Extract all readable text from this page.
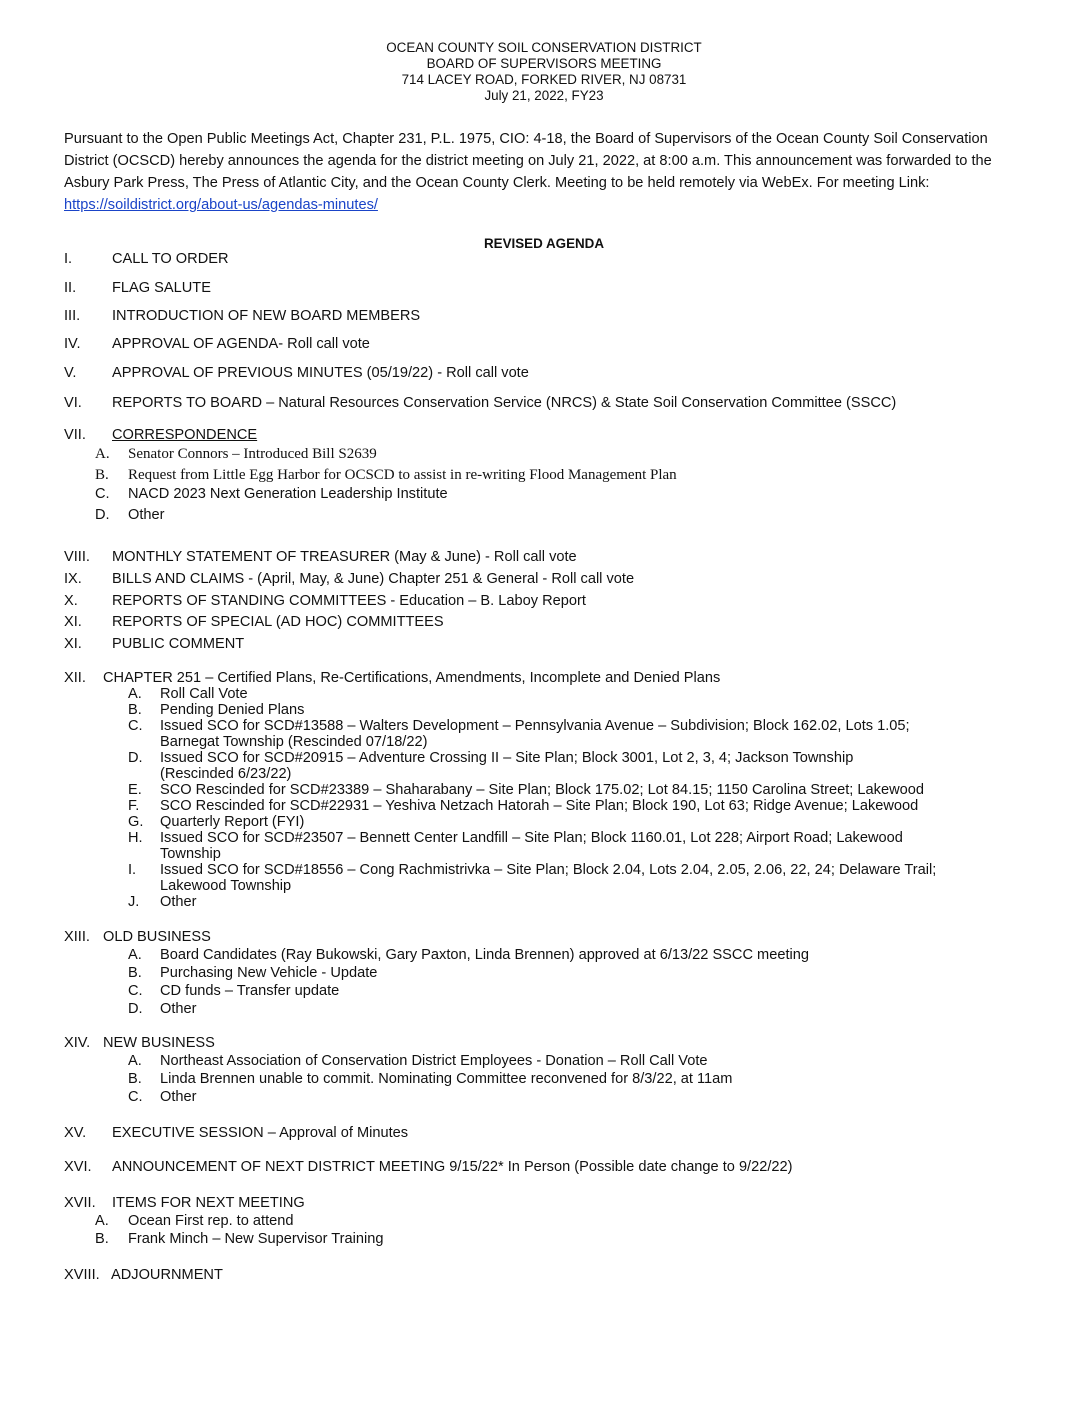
OCEAN COUNTY SOIL CONSERVATION DISTRICT
BOARD OF SUPERVISORS MEETING
714 LACEY ROAD, FORKED RIVER, NJ 08731
July 21, 2022, FY23
Pursuant to the Open Public Meetings Act, Chapter 231, P.L. 1975, CIO: 4-18, the Board of Supervisors of the Ocean County Soil Conservation District (OCSCD) hereby announces the agenda for the district meeting on July 21, 2022, at 8:00 a.m. This announcement was forwarded to the Asbury Park Press, The Press of Atlantic City, and the Ocean County Clerk. Meeting to be held remotely via WebEx. For meeting Link: https://soildistrict.org/about-us/agendas-minutes/
REVISED AGENDA
I.	CALL TO ORDER
II. FLAG SALUTE
III. INTRODUCTION OF NEW BOARD MEMBERS
IV. APPROVAL OF AGENDA- Roll call vote
V. APPROVAL OF PREVIOUS MINUTES (05/19/22) - Roll call vote
VI. REPORTS TO BOARD – Natural Resources Conservation Service (NRCS) & State Soil Conservation Committee (SSCC)
VII. CORRESPONDENCE
A. Senator Connors – Introduced Bill S2639
B. Request from Little Egg Harbor for OCSCD to assist in re-writing Flood Management Plan
C. NACD 2023 Next Generation Leadership Institute
D. Other
VIII. MONTHLY STATEMENT OF TREASURER (May & June) - Roll call vote
IX. BILLS AND CLAIMS - (April, May, & June) Chapter 251 & General - Roll call vote
X. REPORTS OF STANDING COMMITTEES - Education – B. Laboy Report
XI. REPORTS OF SPECIAL (AD HOC) COMMITTEES
XI. PUBLIC COMMENT
XII. CHAPTER 251 – Certified Plans, Re-Certifications, Amendments, Incomplete and Denied Plans
A. Roll Call Vote
B. Pending Denied Plans
C. Issued SCO for SCD#13588 – Walters Development – Pennsylvania Avenue – Subdivision; Block 162.02, Lots 1.05;
Barnegat Township (Rescinded 07/18/22)
D. Issued SCO for SCD#20915 – Adventure Crossing II – Site Plan; Block 3001, Lot 2, 3, 4; Jackson Township
(Rescinded 6/23/22)
E. SCO Rescinded for SCD#23389 – Shaharabany – Site Plan; Block 175.02; Lot 84.15; 1150 Carolina Street; Lakewood
F. SCO Rescinded for SCD#22931 – Yeshiva Netzach Hatorah – Site Plan; Block 190, Lot 63; Ridge Avenue; Lakewood
G. Quarterly Report (FYI)
H. Issued SCO for SCD#23507 – Bennett Center Landfill – Site Plan; Block 1160.01, Lot 228; Airport Road; Lakewood
Township
I. Issued SCO for SCD#18556 – Cong Rachmistrivka – Site Plan; Block 2.04, Lots 2.04, 2.05, 2.06, 22, 24; Delaware Trail;
Lakewood Township
J. Other
XIII. OLD BUSINESS
A. Board Candidates (Ray Bukowski, Gary Paxton, Linda Brennen) approved at 6/13/22 SSCC meeting
B. Purchasing New Vehicle - Update
C. CD funds – Transfer update
D. Other
XIV. NEW BUSINESS
A. Northeast Association of Conservation District Employees - Donation – Roll Call Vote
B. Linda Brennen unable to commit. Nominating Committee reconvened for 8/3/22, at 11am
C. Other
XV. EXECUTIVE SESSION – Approval of Minutes
XVI. ANNOUNCEMENT OF NEXT DISTRICT MEETING 9/15/22* In Person (Possible date change to 9/22/22)
XVII. ITEMS FOR NEXT MEETING
A. Ocean First rep. to attend
B. Frank Minch – New Supervisor Training
XVIII. ADJOURNMENT
